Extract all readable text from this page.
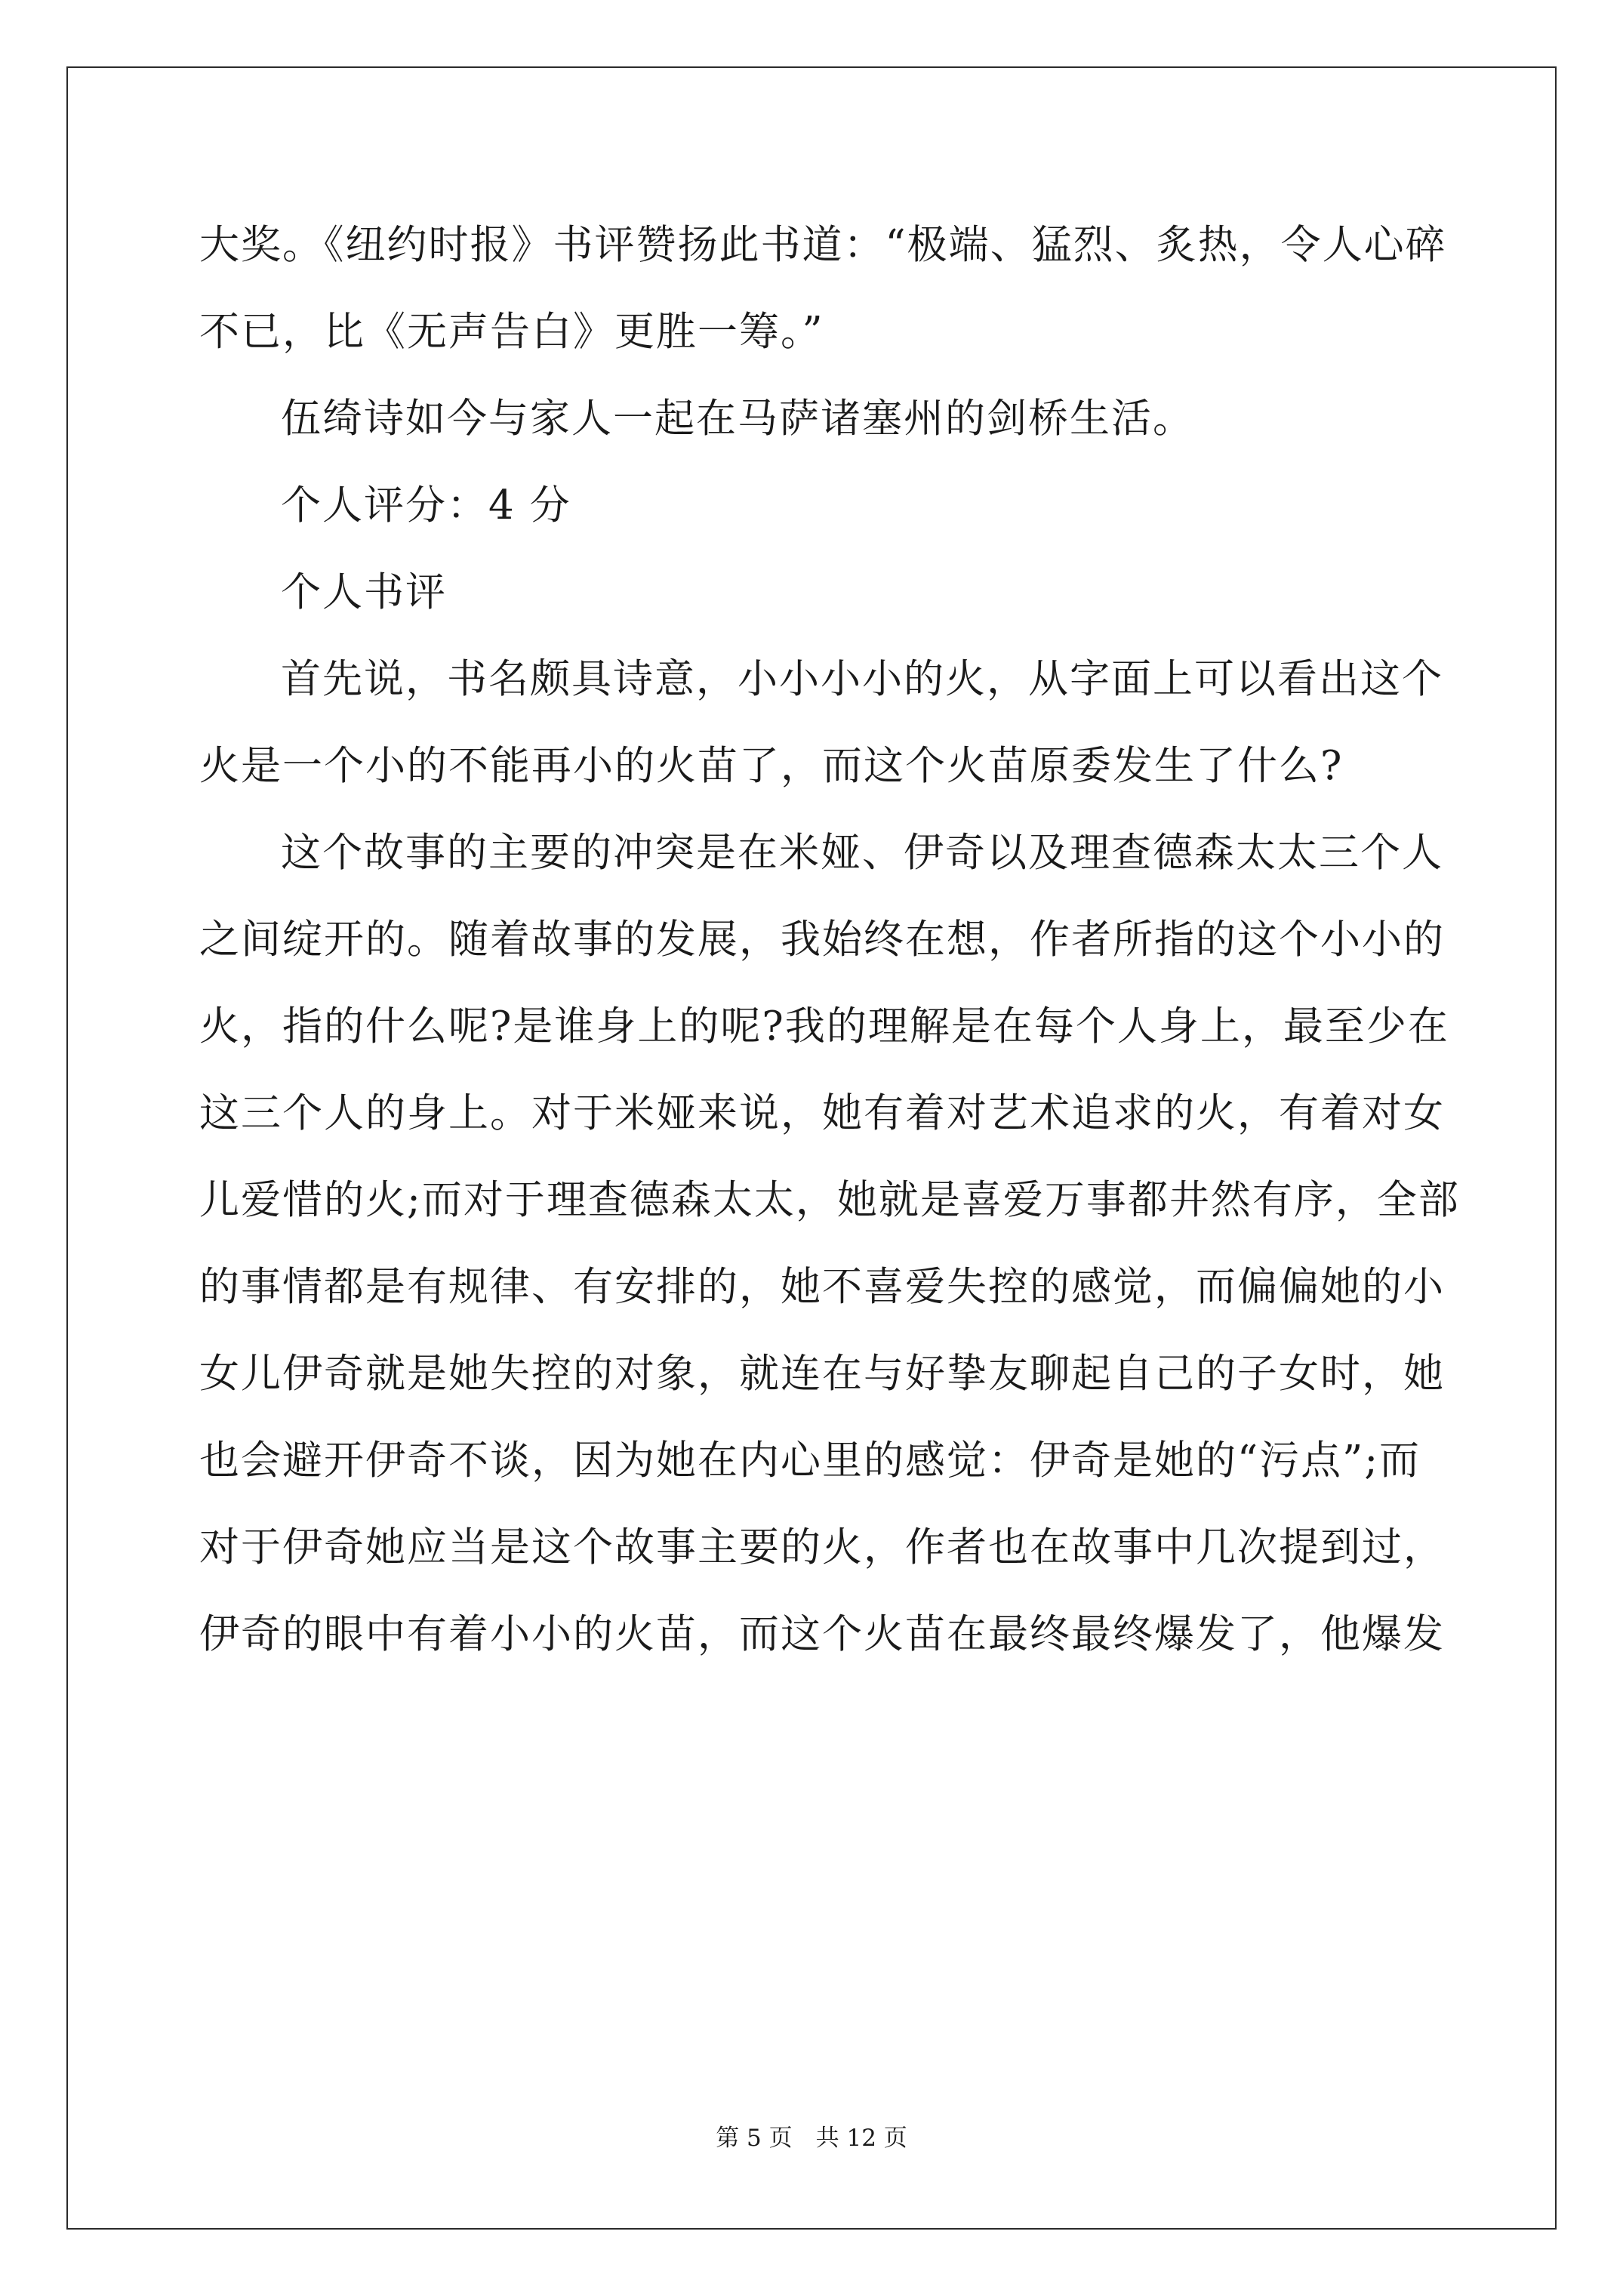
大奖。《纽约时报》书评赞扬此书道：“极端、猛烈、炙热，令人心碎
不已，比《无声告白》更胜一筹。”
伍绮诗如今与家人一起在马萨诸塞州的剑桥生活。
个人评分：4 分
个人书评
首先说，书名颇具诗意，小小小小的火，从字面上可以看出这个
火是一个小的不能再小的火苗了，而这个火苗原委发生了什么?
这个故事的主要的冲突是在米娅、伊奇以及理查德森太太三个人
之间绽开的。随着故事的发展，我始终在想，作者所指的这个小小的
火，指的什么呢?是谁身上的呢?我的理解是在每个人身上，最至少在
这三个人的身上。对于米娅来说，她有着对艺术追求的火，有着对女
儿爱惜的火;而对于理查德森太太，她就是喜爱万事都井然有序，全部
的事情都是有规律、有安排的，她不喜爱失控的感觉，而偏偏她的小
女儿伊奇就是她失控的对象，就连在与好挚友聊起自己的子女时，她
也会避开伊奇不谈，因为她在内心里的感觉：伊奇是她的“污点”;而
对于伊奇她应当是这个故事主要的火，作者也在故事中几次提到过，
伊奇的眼中有着小小的火苗，而这个火苗在最终最终爆发了，他爆发
第 5 页　共 12 页
